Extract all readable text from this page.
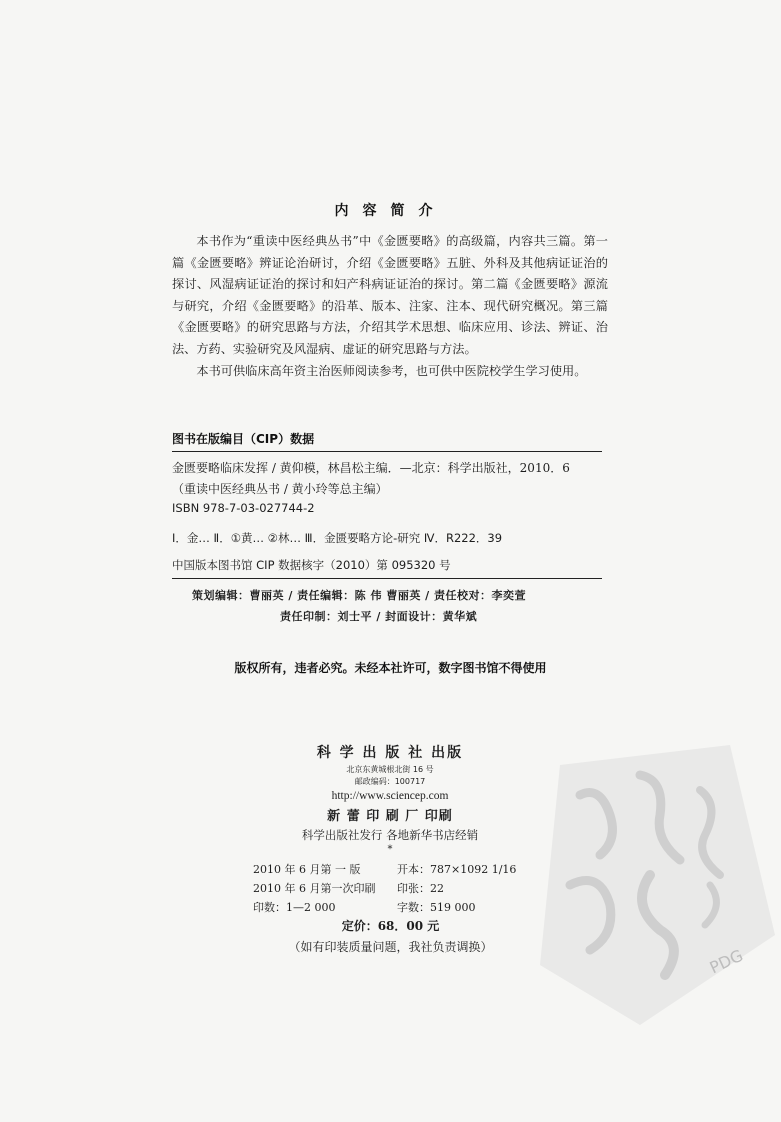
内容简介

本书作为“重读中医经典丛书”中《金匮要略》的高级篇，内容共三篇。第一篇《金匮要略》辨证论治研讨，介绍《金匮要略》五脏、外科及其他病证证治的探讨、风湿病证证治的探讨和妇产科病证证治的探讨。第二篇《金匮要略》源流与研究，介绍《金匮要略》的沿革、版本、注家、注本、现代研究概况。第三篇《金匮要略》的研究思路与方法，介绍其学术思想、临床应用、诊法、辨证、治法、方药、实验研究及风湿病、虚证的研究思路与方法。

本书可供临床高年资主治医师阅读参考，也可供中医院校学生学习使用。

图书在版编目（CIP）数据
金匮要略临床发挥 / 黄仰模，林昌松主编．—北京：科学出版社，2010．6
（重读中医经典丛书 / 黄小玲等总主编）
ISBN 978-7-03-027744-2
Ⅰ．金… Ⅱ．①黄… ②林… Ⅲ．金匮要略方论-研究 Ⅳ．R222．39
中国版本图书馆 CIP 数据核字（2010）第 095320 号
策划编辑：曹丽英 / 责任编辑：陈 伟 曹丽英 / 责任校对：李奕萱
责任印制：刘士平 / 封面设计：黄华斌
版权所有，违者必究。未经本社许可，数字图书馆不得使用
科 学 出 版 社 出版
北京东黄城根北街 16 号
邮政编码：100717
http://www.sciencep.com
新 蕾 印 刷 厂 印刷
科学出版社发行 各地新华书店经销
*
2010 年 6 月第 一 版	开本：787×1092 1/16
2010 年 6 月第一次印刷 印张：22
印数：1—2 000	字数：519 000
定价：68．00 元
（如有印装质量问题，我社负责调换）	PDG
